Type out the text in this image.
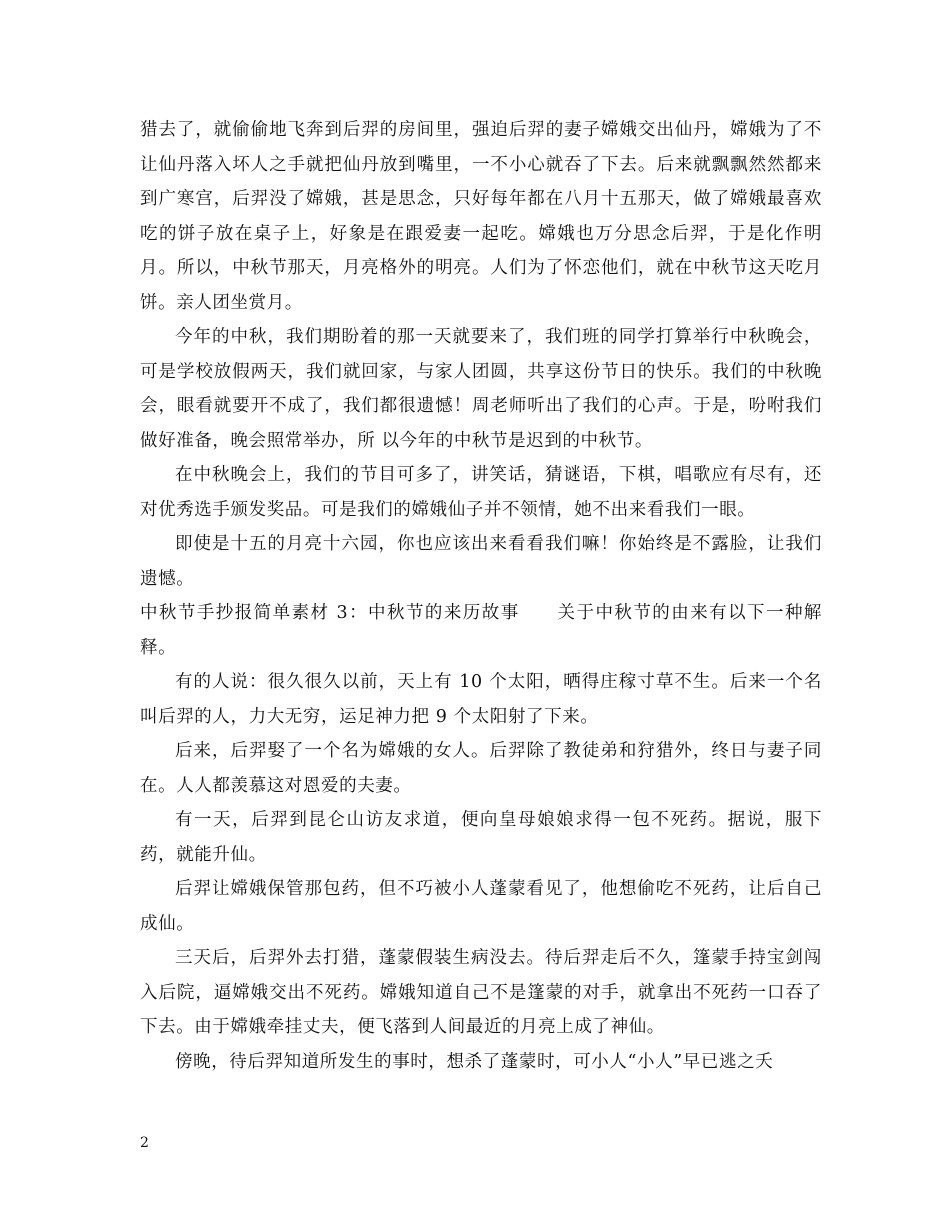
猎去了，就偷偷地飞奔到后羿的房间里，强迫后羿的妻子嫦娥交出仙丹，嫦娥为了不让仙丹落入坏人之手就把仙丹放到嘴里，一不小心就吞了下去。后来就飘飘然然都来到广寒宫，后羿没了嫦娥，甚是思念，只好每年都在八月十五那天，做了嫦娥最喜欢吃的饼子放在桌子上，好象是在跟爱妻一起吃。嫦娥也万分思念后羿，于是化作明月。所以，中秋节那天，月亮格外的明亮。人们为了怀恋他们，就在中秋节这天吃月饼。亲人团坐赏月。

今年的中秋，我们期盼着的那一天就要来了，我们班的同学打算举行中秋晚会，可是学校放假两天，我们就回家，与家人团圆，共享这份节日的快乐。我们的中秋晚会，眼看就要开不成了，我们都很遗憾！周老师听出了我们的心声。于是，吩咐我们做好准备，晚会照常举办，所 以今年的中秋节是迟到的中秋节。

在中秋晚会上，我们的节目可多了，讲笑话，猜谜语，下棋，唱歌应有尽有，还对优秀选手颁发奖品。可是我们的嫦娥仙子并不领情，她不出来看我们一眼。

即使是十五的月亮十六园，你也应该出来看看我们嘛！你始终是不露脸，让我们遗憾。

中秋节手抄报简单素材 3：中秋节的来历故事　　关于中秋节的由来有以下一种解释。

有的人说：很久很久以前，天上有 10 个太阳，晒得庄稼寸草不生。后来一个名叫后羿的人，力大无穷，运足神力把 9 个太阳射了下来。

后来，后羿娶了一个名为嫦娥的女人。后羿除了教徒弟和狩猎外，终日与妻子同在。人人都羡慕这对恩爱的夫妻。

有一天，后羿到昆仑山访友求道，便向皇母娘娘求得一包不死药。据说，服下药，就能升仙。

后羿让嫦娥保管那包药，但不巧被小人蓬蒙看见了，他想偷吃不死药，让后自己成仙。

三天后，后羿外去打猎，蓬蒙假装生病没去。待后羿走后不久，篷蒙手持宝剑闯入后院，逼嫦娥交出不死药。嫦娥知道自己不是篷蒙的对手，就拿出不死药一口吞了下去。由于嫦娥牵挂丈夫，便飞落到人间最近的月亮上成了神仙。

傍晚，待后羿知道所发生的事时，想杀了蓬蒙时，可小人“小人”早已逃之夭

2
